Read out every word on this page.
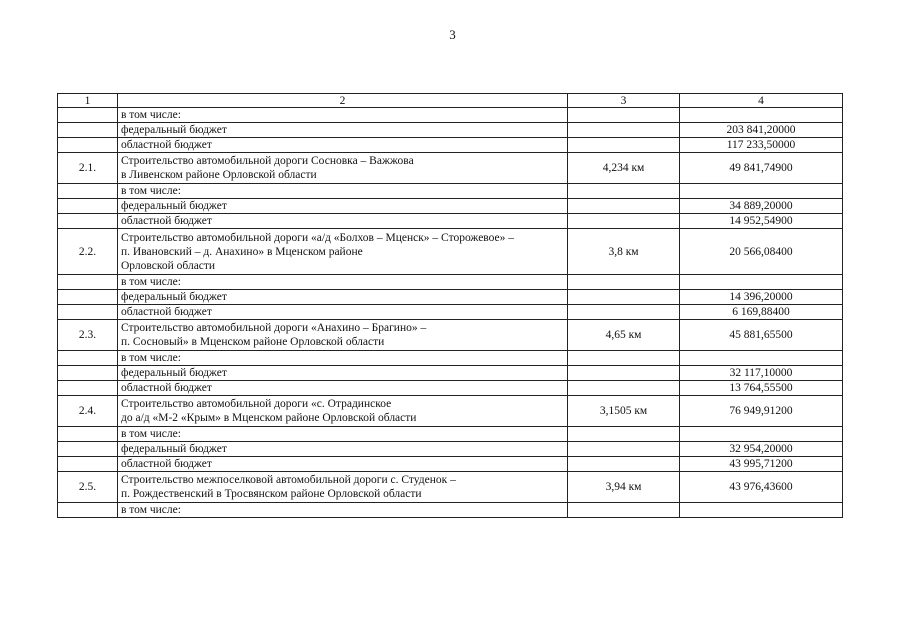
3
1	2	3	4

	в том числе:		

	федеральный бюджет		203 841,20000

	областной бюджет		117 233,50000
2.1.	Строительство автомобильной дороги Сосновка – Важжова
в Ливенском районе Орловской области	4,234 км	49 841,74900

	в том числе:		

	федеральный бюджет		34 889,20000

	областной бюджет		14 952,54900
2.2.	Строительство автомобильной дороги «а/д «Болхов – Мценск» – Сторожевое» –
п. Ивановский – д. Анахино» в Мценском районе
Орловской области	3,8 км	20 566,08400

	в том числе:		

	федеральный бюджет		14 396,20000

	областной бюджет		6 169,88400
2.3.	Строительство автомобильной дороги «Анахино – Брагино» –
п. Сосновый» в Мценском районе Орловской области	4,65 км	45 881,65500

	в том числе:		

	федеральный бюджет		32 117,10000

	областной бюджет		13 764,55500
2.4.	Строительство автомобильной дороги «с. Отрадинское
до а/д «М-2 «Крым» в Мценском районе Орловской области	3,1505 км	76 949,91200

	в том числе:		

	федеральный бюджет		32 954,20000

	областной бюджет		43 995,71200
2.5.	Строительство межпоселковой автомобильной дороги с. Студенок –
п. Рождественский в Тросвянском районе Орловской области	3,94 км	43 976,43600

	в том числе:		
